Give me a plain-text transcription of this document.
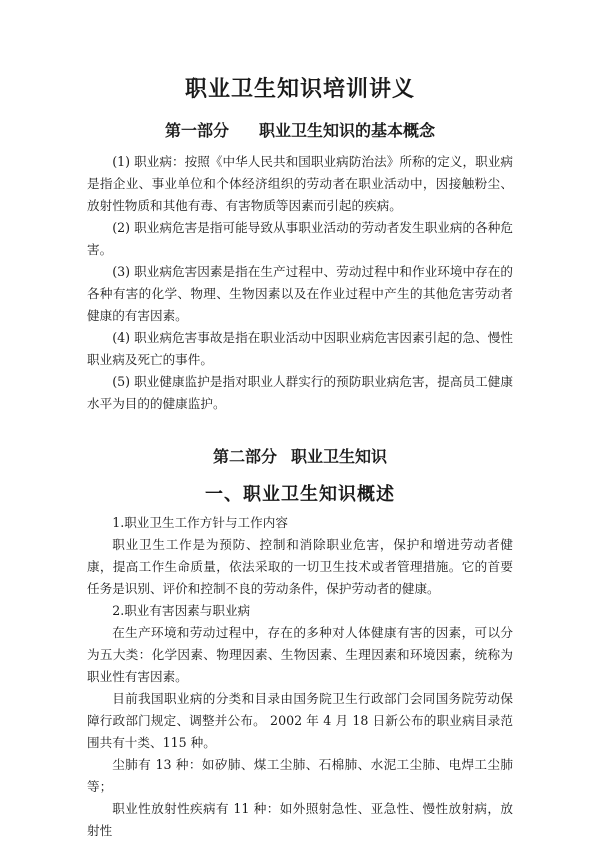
职业卫生知识培训讲义
第一部分 职业卫生知识的基本概念

(1) 职业病：按照《中华人民共和国职业病防治法》所称的定义，职业病是指企业、事业单位和个体经济组织的劳动者在职业活动中，因接触粉尘、放射性物质和其他有毒、有害物质等因素而引起的疾病。

(2) 职业病危害是指可能导致从事职业活动的劳动者发生职业病的各种危害。

(3) 职业病危害因素是指在生产过程中、劳动过程中和作业环境中存在的各种有害的化学、物理、生物因素以及在作业过程中产生的其他危害劳动者健康的有害因素。

(4) 职业病危害事故是指在职业活动中因职业病危害因素引起的急、慢性职业病及死亡的事件。

(5) 职业健康监护是指对职业人群实行的预防职业病危害，提高员工健康水平为目的的健康监护。

第二部分 职业卫生知识
一、职业卫生知识概述

1.职业卫生工作方针与工作内容

职业卫生工作是为预防、控制和消除职业危害，保护和增进劳动者健康，提高工作生命质量，依法采取的一切卫生技术或者管理措施。它的首要任务是识别、评价和控制不良的劳动条件，保护劳动者的健康。

2.职业有害因素与职业病

在生产环境和劳动过程中，存在的多种对人体健康有害的因素，可以分为五大类：化学因素、物理因素、生物因素、生理因素和环境因素，统称为职业性有害因素。

目前我国职业病的分类和目录由国务院卫生行政部门会同国务院劳动保障行政部门规定、调整并公布。 2002 年 4 月 18 日新公布的职业病目录范围共有十类、115 种。

尘肺有 13 种：如矽肺、煤工尘肺、石棉肺、水泥工尘肺、电焊工尘肺等；

职业性放射性疾病有 11 种：如外照射急性、亚急性、慢性放射病，放射性
